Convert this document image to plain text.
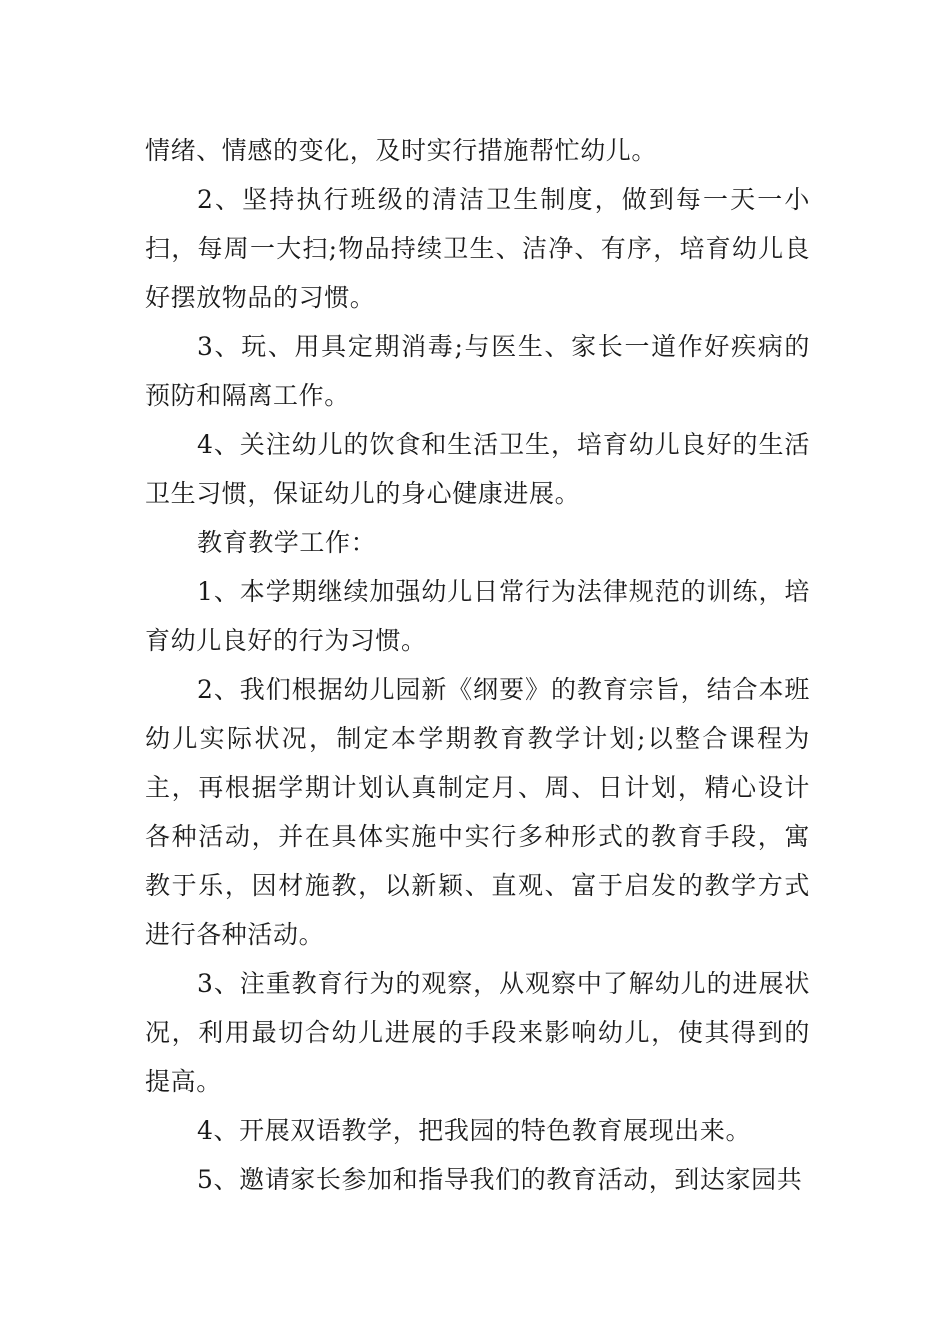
情绪、情感的变化，及时实行措施帮忙幼儿。

2、坚持执行班级的清洁卫生制度，做到每一天一小扫，每周一大扫;物品持续卫生、洁净、有序，培育幼儿良好摆放物品的习惯。

3、玩、用具定期消毒;与医生、家长一道作好疾病的预防和隔离工作。

4、关注幼儿的饮食和生活卫生，培育幼儿良好的生活卫生习惯，保证幼儿的身心健康进展。

教育教学工作：

1、本学期继续加强幼儿日常行为法律规范的训练，培育幼儿良好的行为习惯。

2、我们根据幼儿园新《纲要》的教育宗旨，结合本班幼儿实际状况，制定本学期教育教学计划;以整合课程为主，再根据学期计划认真制定月、周、日计划，精心设计各种活动，并在具体实施中实行多种形式的教育手段，寓教于乐，因材施教，以新颖、直观、富于启发的教学方式进行各种活动。

3、注重教育行为的观察，从观察中了解幼儿的进展状况，利用最切合幼儿进展的手段来影响幼儿，使其得到的提高。

4、开展双语教学，把我园的特色教育展现出来。

5、邀请家长参加和指导我们的教育活动，到达家园共
